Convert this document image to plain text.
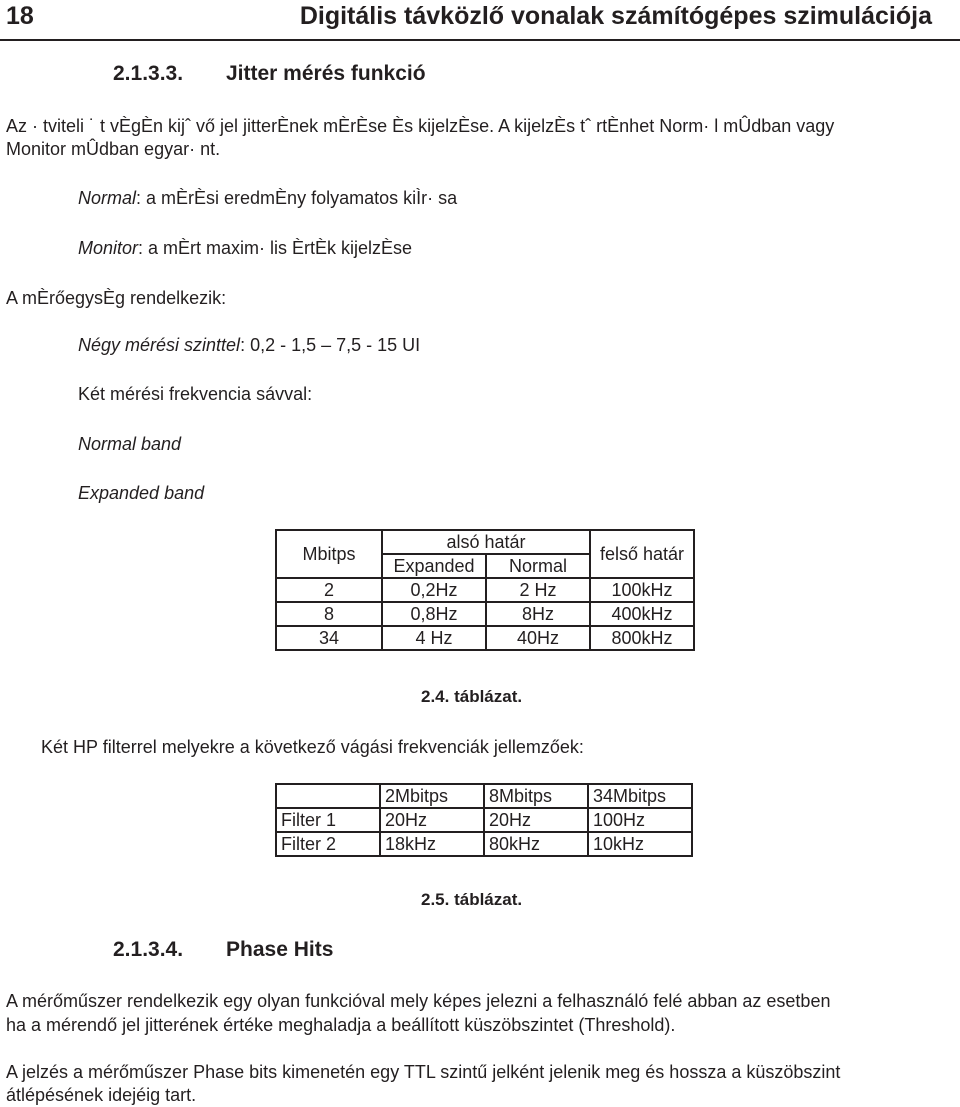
18	Digitális távközlő vonalak számítógépes szimulációja
2.1.3.3. Jitter mérés funkció
Az · tviteli ˙ t vÈgÈn kijˆ vő jel jitterÈnek mÈrÈse Ès kijelzÈse. A kijelzÈs tˆ rtÈnhet Norm· l mÛdban vagy
Monitor mÛdban egyar· nt.
Normal: a mÈrÈsi eredmÈny folyamatos kiÌr· sa
Monitor: a mÈrt maxim· lis ÈrtÈk kijelzÈse
A mÈrőegysÈg rendelkezik:
Négy mérési szinttel: 0,2 - 1,5 – 7,5 - 15 UI
Két mérési frekvencia sávval:
Normal band
Expanded band
Mbitps	alsó határ		felső határ
	Expanded	Normal	
2	0,2Hz	2 Hz	100kHz
8	0,8Hz	8Hz	400kHz
34	4 Hz	40Hz	800kHz
2.4. táblázat.
Két HP filterrel melyekre a következő vágási frekvenciák jellemzőek:
	2Mbitps	8Mbitps	34Mbitps
Filter 1	20Hz	20Hz	100Hz
Filter 2	18kHz	80kHz	10kHz
2.5. táblázat.
2.1.3.4. Phase Hits
A mérőműszer rendelkezik egy olyan funkcióval mely képes jelezni a felhasználó felé abban az esetben
ha a mérendő jel jitterének értéke meghaladja a beállított küszöbszintet (Threshold).
A jelzés a mérőműszer Phase bits kimenetén egy TTL szintű jelként jelenik meg és hossza a küszöbszint
átlépésének idejéig tart.
